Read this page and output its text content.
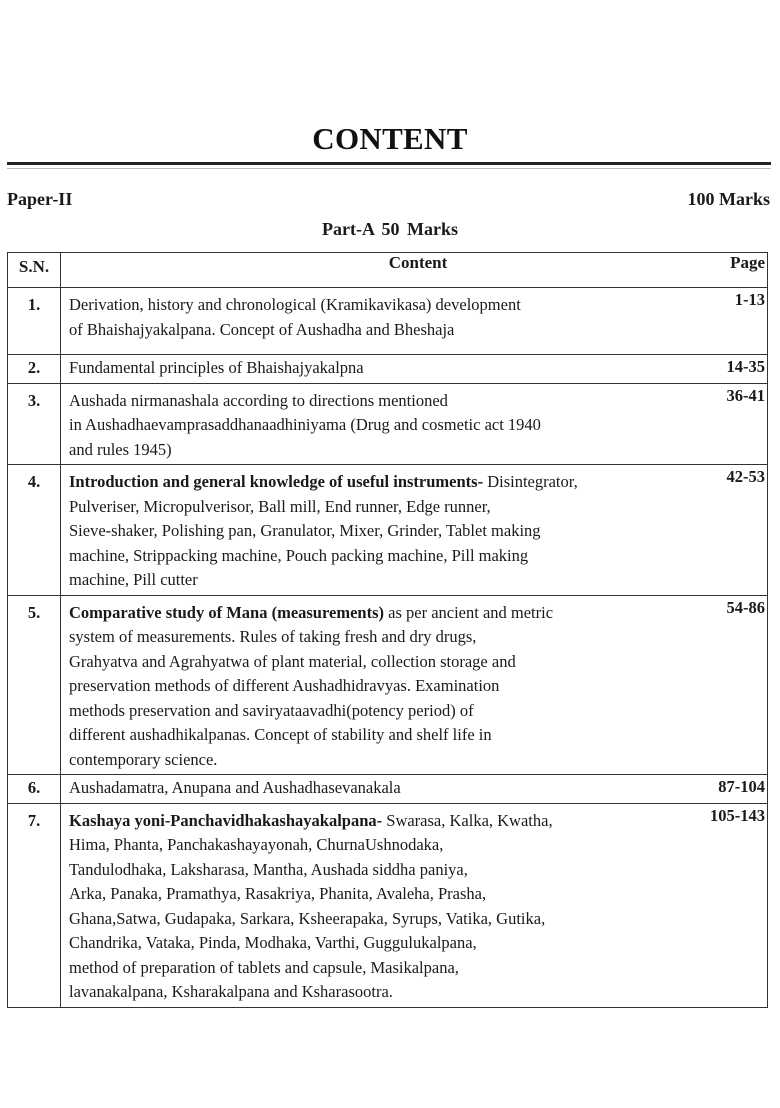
CONTENT
Paper-II	100 Marks
Part-A 50 Marks
S.N.	Content	Page
1.	Derivation, history and chronological (Kramikavikasa) development
of Bhaishajyakalpana. Concept of Aushadha and Bheshaja	1-13
2.	Fundamental principles of Bhaishajyakalpna	14-35
3.	Aushada nirmanashala according to directions mentioned
in Aushadhaevamprasaddhanaadhiniyama (Drug and cosmetic act 1940
and rules 1945)	36-41
4.	Introduction and general knowledge of useful instruments- Disintegrator,
Pulveriser, Micropulverisor, Ball mill, End runner, Edge runner,
Sieve-shaker, Polishing pan, Granulator, Mixer, Grinder, Tablet making
machine, Strippacking machine, Pouch packing machine, Pill making
machine, Pill cutter	42-53
5.	Comparative study of Mana (measurements) as per ancient and metric
system of measurements. Rules of taking fresh and dry drugs,
Grahyatva and Agrahyatwa of plant material, collection storage and
preservation methods of different Aushadhidravyas. Examination
methods preservation and saviryataavadhi(potency period) of
different aushadhikalpanas. Concept of stability and shelf life in
contemporary science.
	54-86
6.	Aushadamatra, Anupana and Aushadhasevanakala	87-104
7.	Kashaya yoni-Panchavidhakashayakalpana- Swarasa, Kalka, Kwatha,
Hima, Phanta, Panchakashayayonah, ChurnaUshnodaka,
Tandulodhaka, Laksharasa, Mantha, Aushada siddha paniya,
Arka, Panaka, Pramathya, Rasakriya, Phanita, Avaleha, Prasha,
Ghana,Satwa, Gudapaka, Sarkara, Ksheerapaka, Syrups, Vatika, Gutika,
Chandrika, Vataka, Pinda, Modhaka, Varthi, Guggulukalpana,
method of preparation of tablets and capsule, Masikalpana,
lavanakalpana, Ksharakalpana and Ksharasootra.
	105-143
